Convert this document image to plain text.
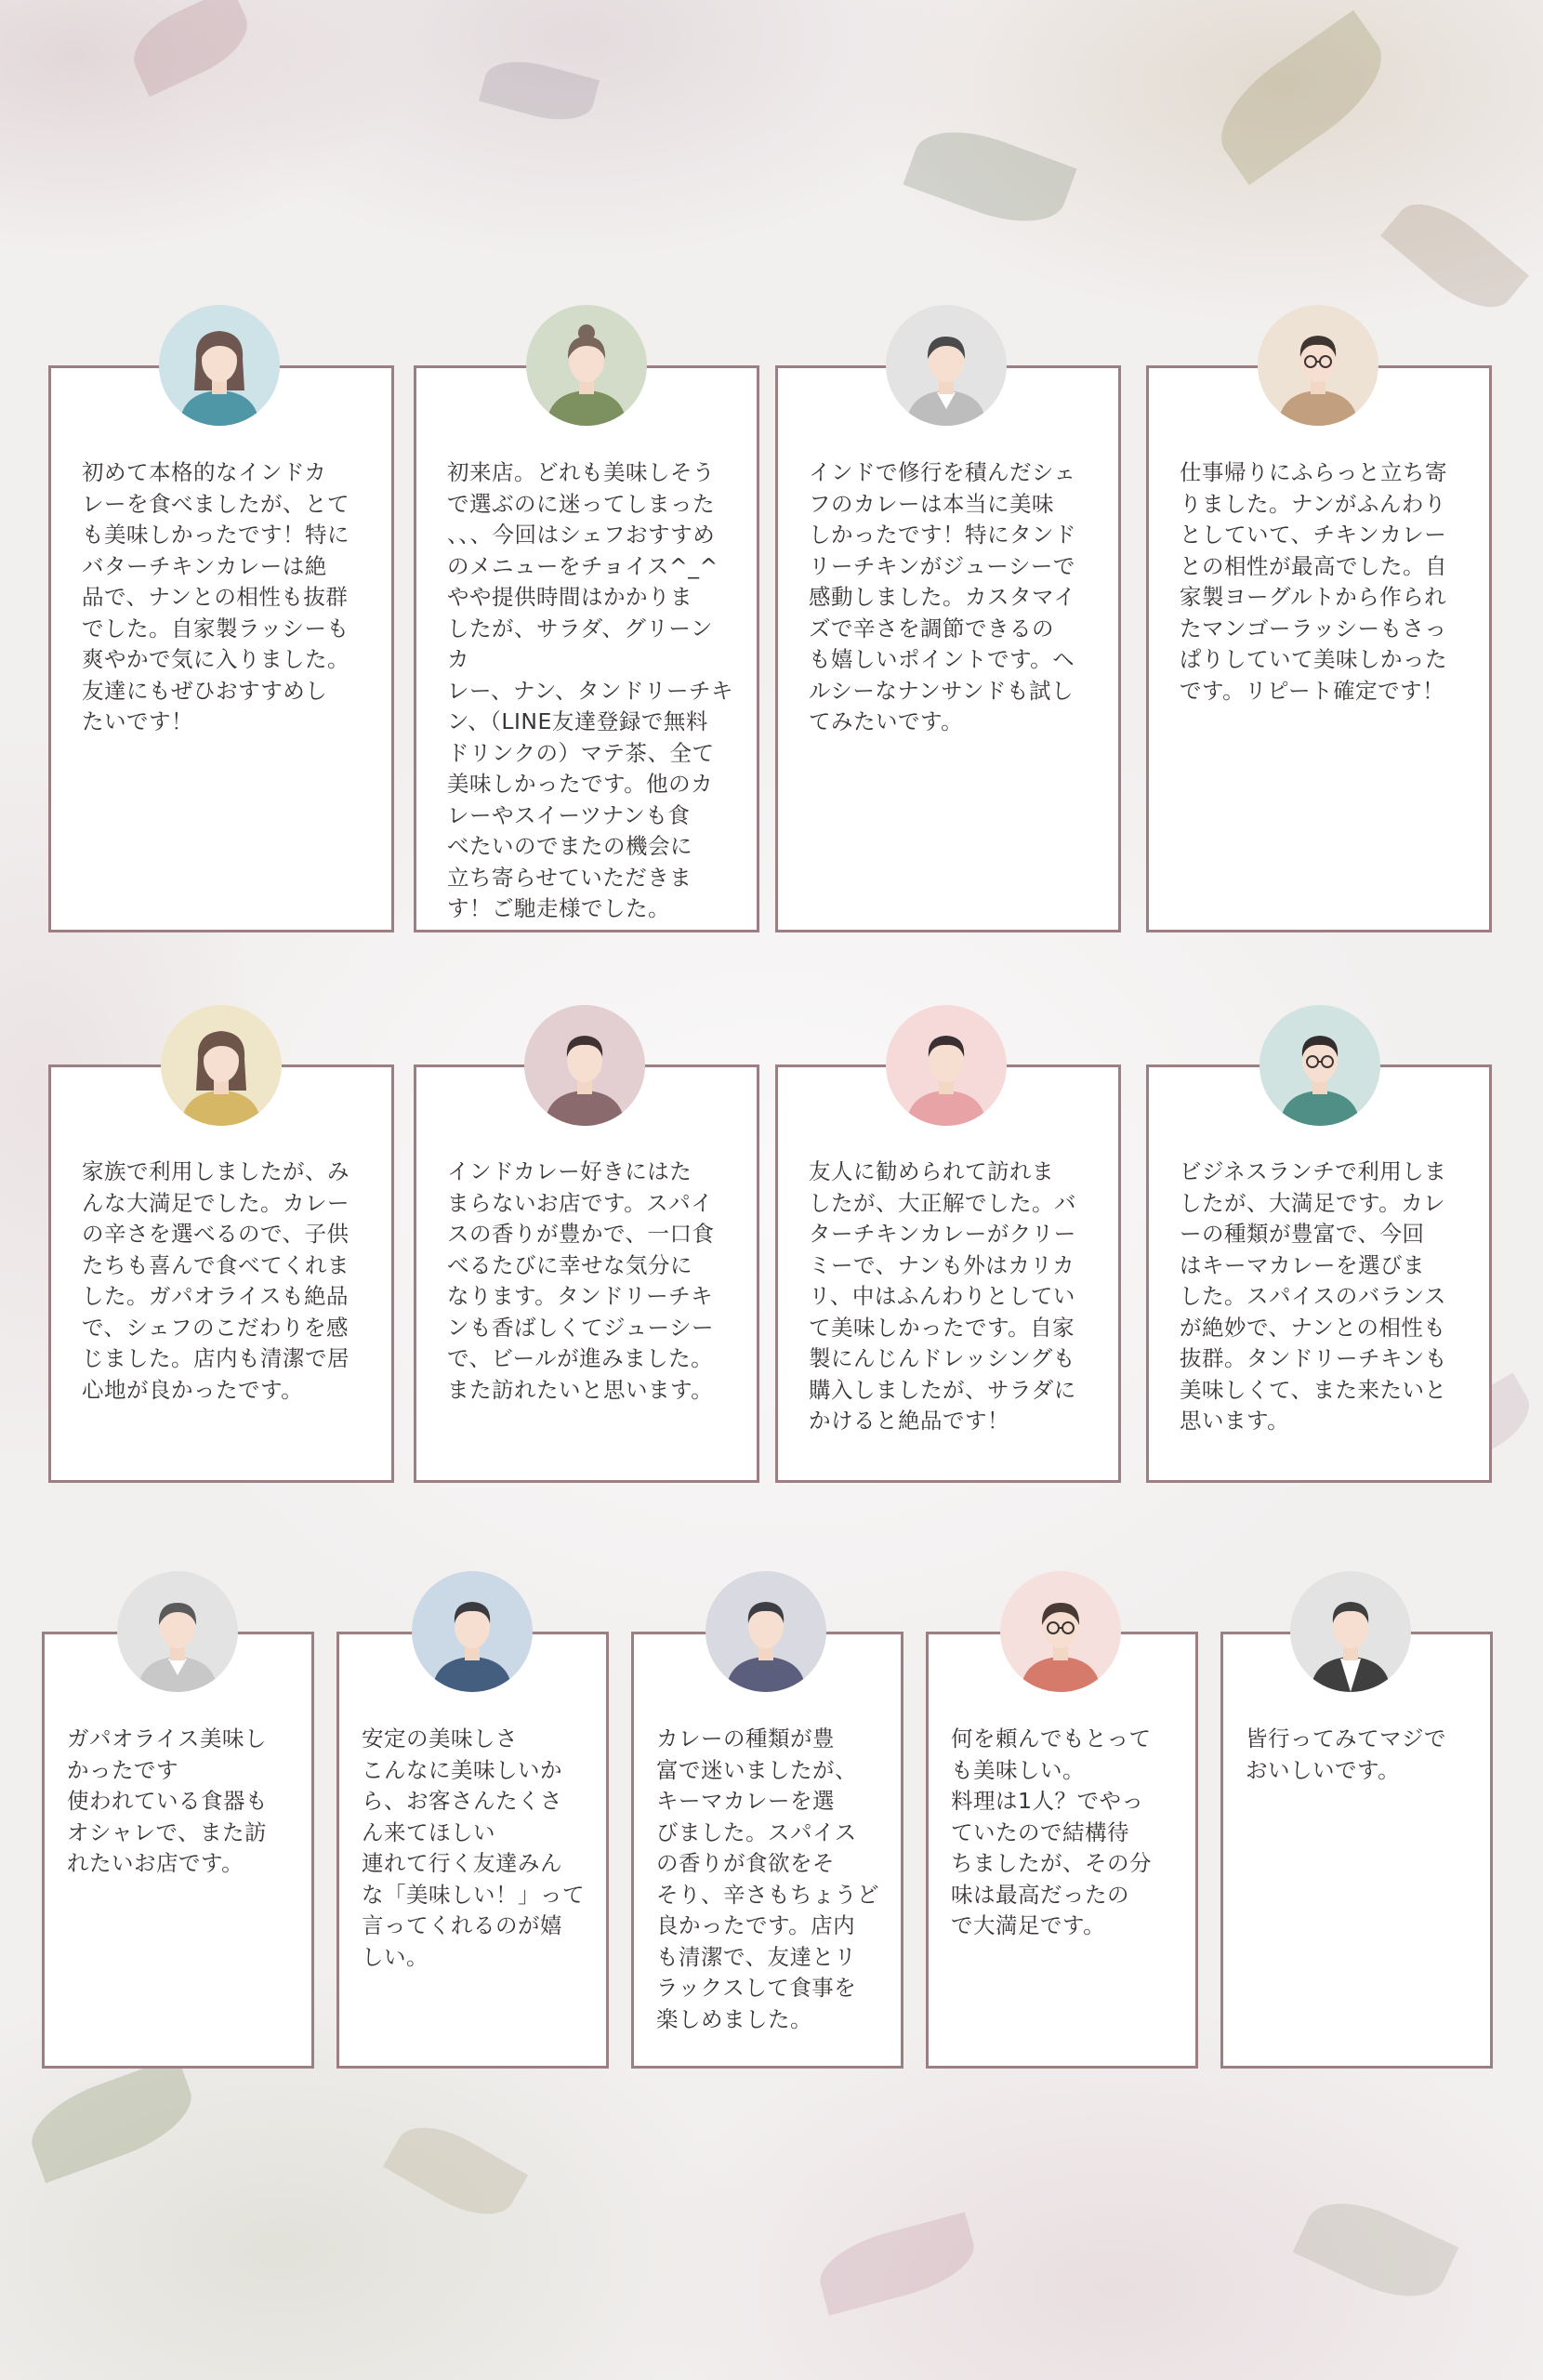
初めて本格的なインドカ
レーを食べましたが、とて
も美味しかったです！特に
バターチキンカレーは絶
品で、ナンとの相性も抜群
でした。自家製ラッシーも
爽やかで気に入りました。
友達にもぜひおすすめし
たいです！

初来店。どれも美味しそう
で選ぶのに迷ってしまった
、、、今回はシェフおすすめ
のメニューをチョイス^_^
やや提供時間はかかりま
したが、サラダ、グリーンカ
レー、ナン、タンドリーチキ
ン、（LINE友達登録で無料
ドリンクの）マテ茶、全て
美味しかったです。他のカ
レーやスイーツナンも食
べたいのでまたの機会に
立ち寄らせていただきま
す！ご馳走様でした。

インドで修行を積んだシェ
フのカレーは本当に美味
しかったです！特にタンド
リーチキンがジューシーで
感動しました。カスタマイ
ズで辛さを調節できるの
も嬉しいポイントです。ヘ
ルシーなナンサンドも試し
てみたいです。

仕事帰りにふらっと立ち寄
りました。ナンがふんわり
としていて、チキンカレー
との相性が最高でした。自
家製ヨーグルトから作られ
たマンゴーラッシーもさっ
ぱりしていて美味しかった
です。リピート確定です！

家族で利用しましたが、み
んな大満足でした。カレー
の辛さを選べるので、子供
たちも喜んで食べてくれま
した。ガパオライスも絶品
で、シェフのこだわりを感
じました。店内も清潔で居
心地が良かったです。

インドカレー好きにはた
まらないお店です。スパイ
スの香りが豊かで、一口食
べるたびに幸せな気分に
なります。タンドリーチキ
ンも香ばしくてジューシー
で、ビールが進みました。
また訪れたいと思います。

友人に勧められて訪れま
したが、大正解でした。バ
ターチキンカレーがクリー
ミーで、ナンも外はカリカ
リ、中はふんわりとしてい
て美味しかったです。自家
製にんじんドレッシングも
購入しましたが、サラダに
かけると絶品です！

ビジネスランチで利用しま
したが、大満足です。カレ
ーの種類が豊富で、今回
はキーマカレーを選びま
した。スパイスのバランス
が絶妙で、ナンとの相性も
抜群。タンドリーチキンも
美味しくて、また来たいと
思います。

ガパオライス美味し
かったです
使われている食器も
オシャレで、また訪
れたいお店です。

安定の美味しさ
こんなに美味しいか
ら、お客さんたくさ
ん来てほしい
連れて行く友達みん
な「美味しい！」って
言ってくれるのが嬉
しい。

カレーの種類が豊
富で迷いましたが、
キーマカレーを選
びました。スパイス
の香りが食欲をそ
そり、辛さもちょうど
良かったです。店内
も清潔で、友達とリ
ラックスして食事を
楽しめました。

何を頼んでもとって
も美味しい。
料理は1人？でやっ
ていたので結構待
ちましたが、その分
味は最高だったの
で大満足です。

皆行ってみてマジで
おいしいです。
